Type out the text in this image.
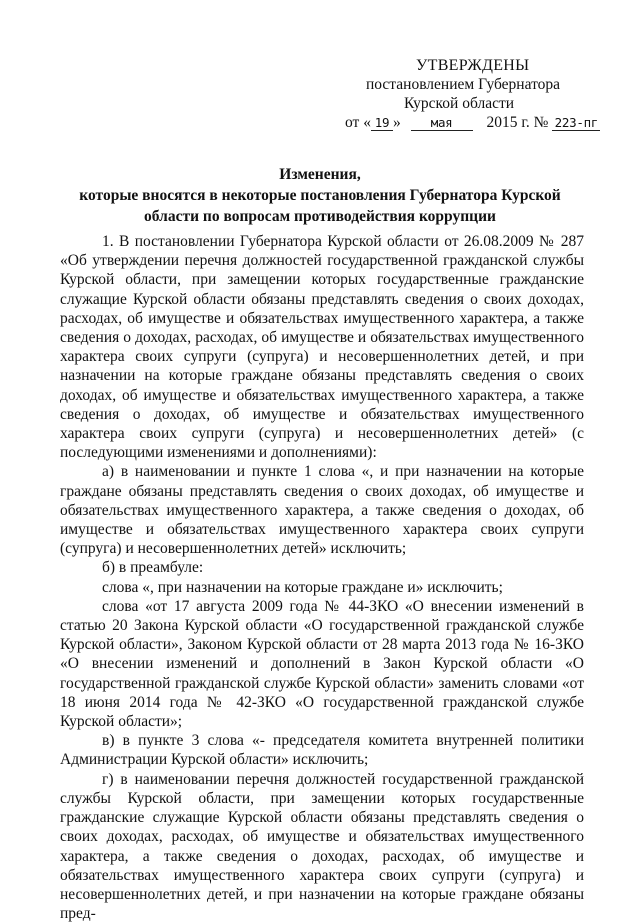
УТВЕРЖДЕНЫ
постановлением Губернатора
Курской области
от « 19 » мая 2015 г. № 223-пг
Изменения,
которые вносятся в некоторые постановления Губернатора Курской
области по вопросам противодействия коррупции

1. В постановлении Губернатора Курской области от 26.08.2009 № 287 «Об утверждении перечня должностей государственной гражданской службы Курской области, при замещении которых государственные гражданские служащие Курской области обязаны представлять сведения о своих доходах, расходах, об имуществе и обязательствах имущественного характера, а также сведения о доходах, расходах, об имуществе и обязательствах имущественного характера своих супруги (супруга) и несовершеннолетних детей, и при назначении на которые граждане обязаны представлять сведения о своих доходах, об имуществе и обязательствах имущественного характера, а также сведения о доходах, об имуществе и обязательствах имущественного характера своих супруги (супруга) и несовершеннолетних детей» (с последующими изменениями и дополнениями):

а) в наименовании и пункте 1 слова «, и при назначении на которые граждане обязаны представлять сведения о своих доходах, об имуществе и обязательствах имущественного характера, а также сведения о доходах, об имуществе и обязательствах имущественного характера своих супруги (супруга) и несовершеннолетних детей» исключить;

б) в преамбуле:

слова «, при назначении на которые граждане и» исключить;

слова «от 17 августа 2009 года № 44-ЗКО «О внесении изменений в статью 20 Закона Курской области «О государственной гражданской службе Курской области», Законом Курской области от 28 марта 2013 года № 16-ЗКО «О внесении изменений и дополнений в Закон Курской области «О государственной гражданской службе Курской области» заменить словами «от 18 июня 2014 года № 42-ЗКО «О государственной гражданской службе Курской области»;

в) в пункте 3 слова «- председателя комитета внутренней политики Администрации Курской области» исключить;

г) в наименовании перечня должностей государственной гражданской службы Курской области, при замещении которых государственные гражданские служащие Курской области обязаны представлять сведения о своих доходах, расходах, об имуществе и обязательствах имущественного характера, а также сведения о доходах, расходах, об имуществе и обязательствах имущественного характера своих супруги (супруга) и несовершеннолетних детей, и при назначении на которые граждане обязаны пред-
